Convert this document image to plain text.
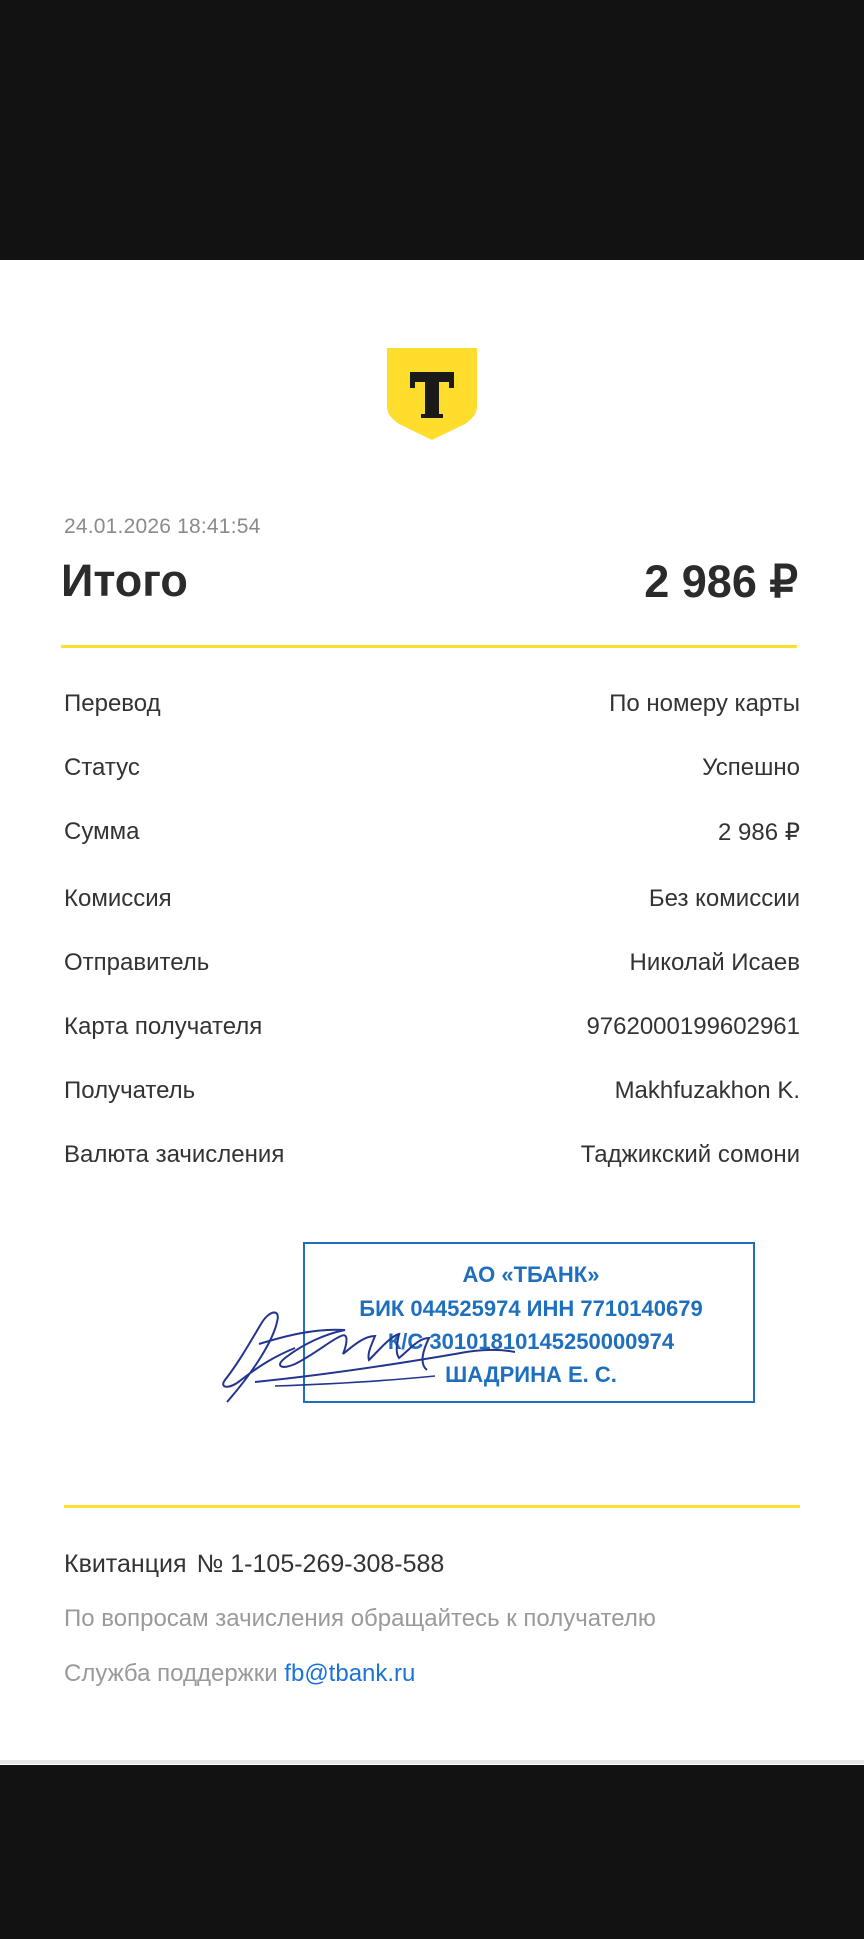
24.01.2026 18:41:54
Итого	2 986 ₽
Перевод	По номеру карты
Статус	Успешно
Сумма	2 986 ₽
Комиссия	Без комиссии
Отправитель	Николай Исаев
Карта получателя	9762000199602961
Получатель	Makhfuzakhon K.
Валюта зачисления	Таджикский сомони
АО «ТБАНК»
БИК 044525974 ИНН 7710140679
К/С 30101810145250000974
ШАДРИНА Е. С.
Квитанция № 1-105-269-308-588
По вопросам зачисления обращайтесь к получателю
Служба поддержки fb@tbank.ru
